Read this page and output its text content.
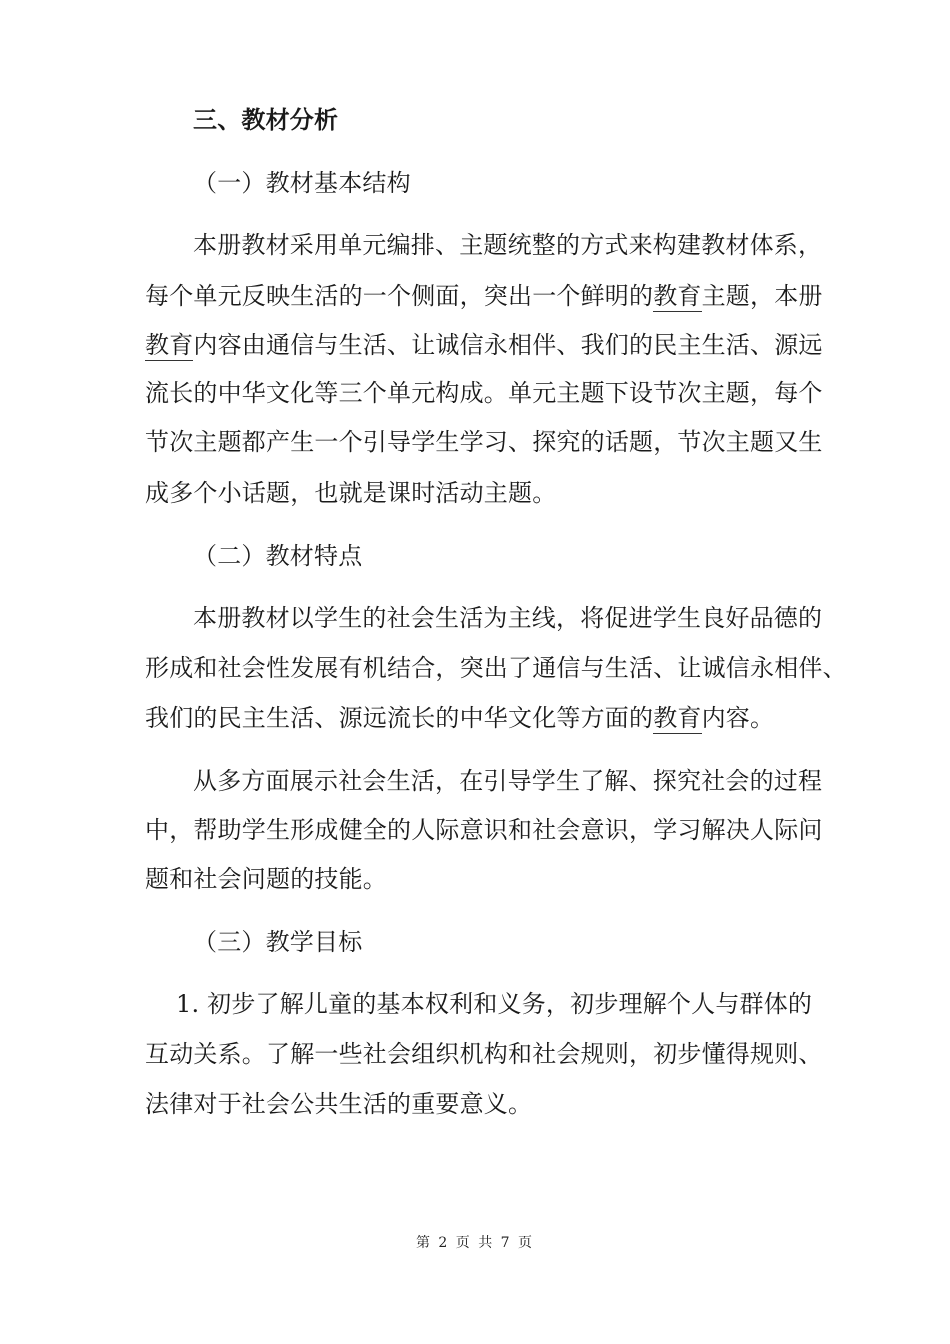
三、教材分析
（一）教材基本结构
本册教材采用单元编排、主题统整的方式来构建教材体系，
每个单元反映生活的一个侧面，突出一个鲜明的教育主题，本册
教育内容由通信与生活、让诚信永相伴、我们的民主生活、源远
流长的中华文化等三个单元构成。单元主题下设节次主题，每个
节次主题都产生一个引导学生学习、探究的话题，节次主题又生
成多个小话题，也就是课时活动主题。
（二）教材特点
本册教材以学生的社会生活为主线，将促进学生良好品德的
形成和社会性发展有机结合，突出了通信与生活、让诚信永相伴、
我们的民主生活、源远流长的中华文化等方面的教育内容。
从多方面展示社会生活，在引导学生了解、探究社会的过程
中，帮助学生形成健全的人际意识和社会意识，学习解决人际问
题和社会问题的技能。
（三）教学目标
1. 初步了解儿童的基本权利和义务，初步理解个人与群体的
互动关系。了解一些社会组织机构和社会规则，初步懂得规则、
法律对于社会公共生活的重要意义。
第 2 页 共 7 页
